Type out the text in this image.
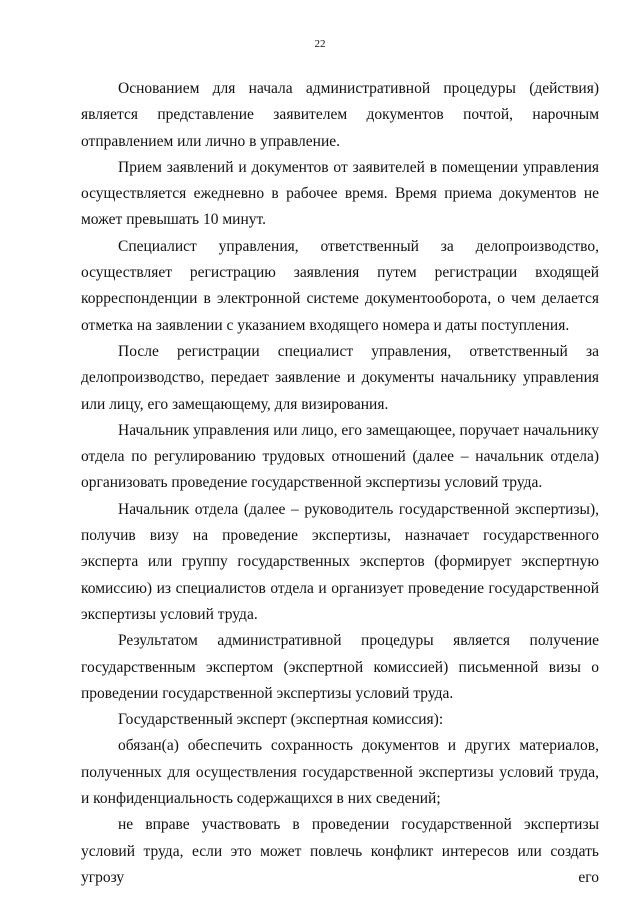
22

Основанием для начала административной процедуры (действия) является представление заявителем документов почтой, нарочным отправлением или лично в управление.

Прием заявлений и документов от заявителей в помещении управления осуществляется ежедневно в рабочее время. Время приема документов не может превышать 10 минут.

Специалист управления, ответственный за делопроизводство, осуществляет регистрацию заявления путем регистрации входящей корреспонденции в электронной системе документооборота, о чем делается отметка на заявлении с указанием входящего номера и даты поступления.

После регистрации специалист управления, ответственный за делопроизводство, передает заявление и документы начальнику управления или лицу, его замещающему, для визирования.

Начальник управления или лицо, его замещающее, поручает начальнику отдела по регулированию трудовых отношений (далее – начальник отдела) организовать проведение государственной экспертизы условий труда.

Начальник отдела (далее – руководитель государственной экспертизы), получив визу на проведение экспертизы, назначает государственного эксперта или группу государственных экспертов (формирует экспертную комиссию) из специалистов отдела и организует проведение государственной экспертизы условий труда.

Результатом административной процедуры является получение государственным экспертом (экспертной комиссией) письменной визы о проведении государственной экспертизы условий труда.

Государственный эксперт (экспертная комиссия):

обязан(а) обеспечить сохранность документов и других материалов, полученных для осуществления государственной экспертизы условий труда, и конфиденциальность содержащихся в них сведений;

не вправе участвовать в проведении государственной экспертизы условий труда, если это может повлечь конфликт интересов или создать угрозу его
